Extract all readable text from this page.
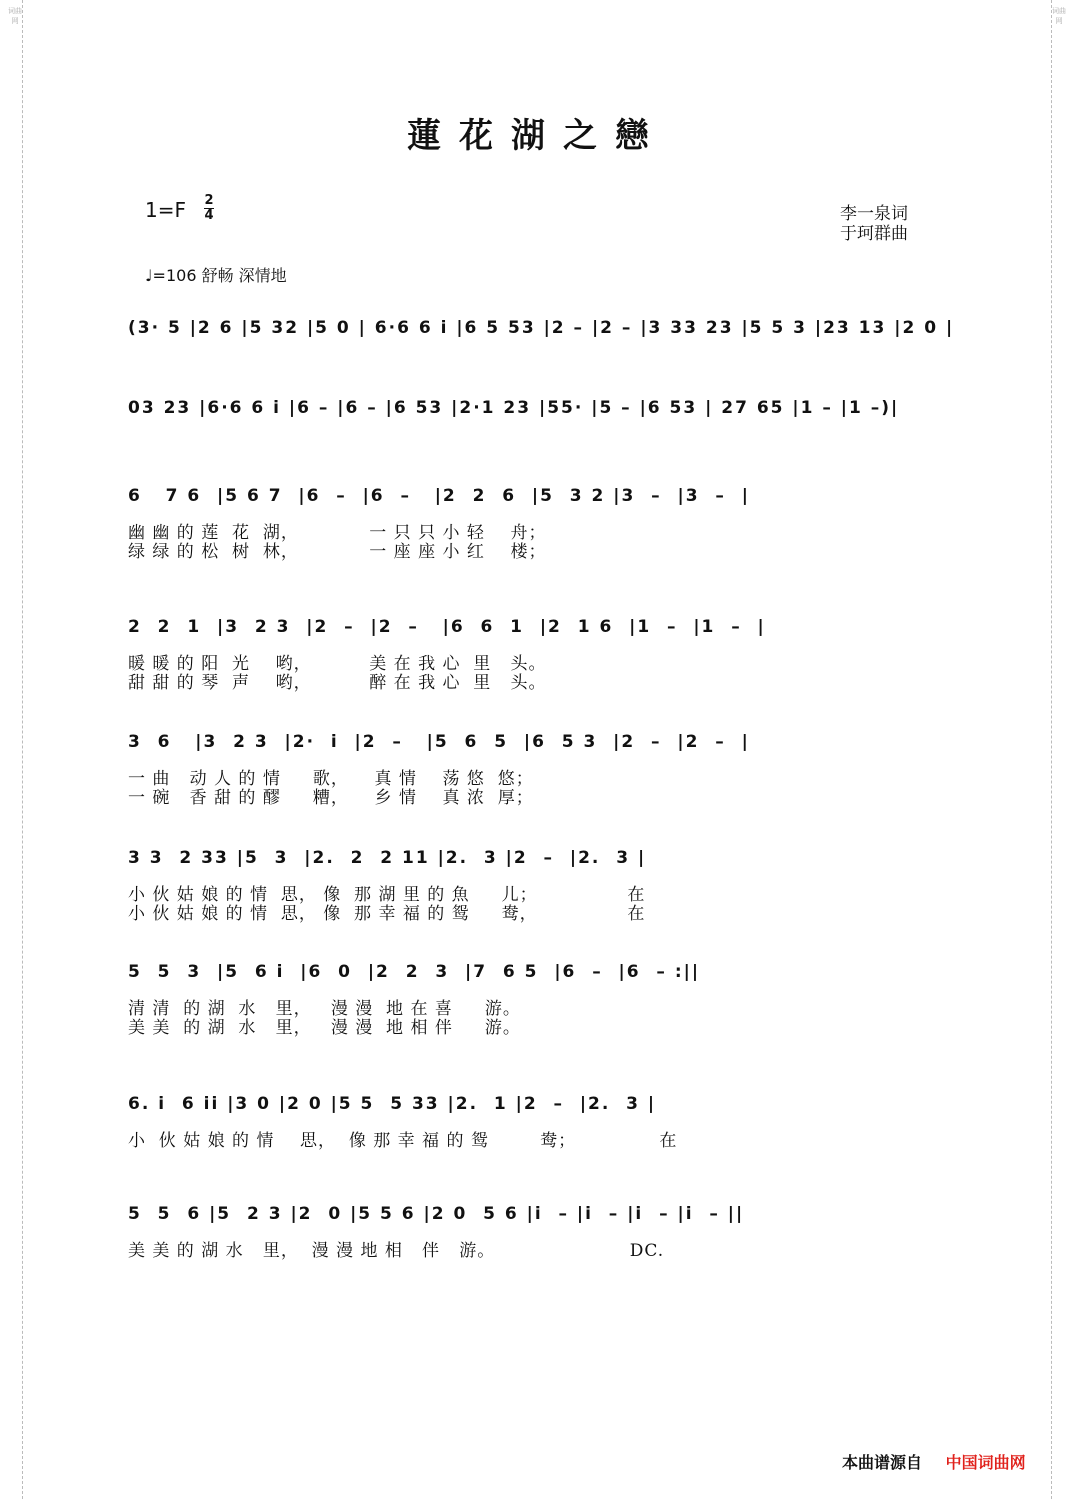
词曲网
词曲网
蓮花湖之戀
1=F 2
4	李一泉词
于珂群曲
♩=106 舒畅 深情地
(3· 5 |2 6 |5 32 |5 0 | 6·6 6 i |6 5 53 |2 – |2 – |3 33 23 |5 5 3 |23 13 |2 0 |
03 23 |6·6 6 i |6 – |6 – |6 53 |2·1 23 |55· |5 – |6 53 | 27 65 |1 – |1 –)|
6   7 6  |5 6 7  |6  –  |6  –   |2  2  6  |5  3 2 |3  –  |3  –  |
幽 幽 的 莲  花  湖，           一 只 只 小 轻    舟；
绿 绿 的 松  树  林，           一 座 座 小 红    楼；
2  2  1  |3  2 3  |2  –  |2  –   |6  6  1  |2  1 6  |1  –  |1  –  |
暖 暖 的 阳  光    哟，         美 在 我 心  里   头。
甜 甜 的 琴  声    哟，         醉 在 我 心  里   头。
3  6   |3  2 3  |2·  i  |2  –   |5  6  5  |6  5 3  |2  –  |2  –  |
一 曲   动 人 的 情     歌，    真 情    荡 悠  悠；
一 碗   香 甜 的 醪     糟，    乡 情    真 浓  厚；
3 3  2 33 |5  3  |2.  2  2 11 |2.  3 |2  –  |2.  3 |
小 伙 姑 娘 的 情  思， 像  那 湖 里 的 魚     儿；              在
小 伙 姑 娘 的 情  思， 像  那 幸 福 的 鸳     鸯，              在
5  5  3  |5  6 i  |6  0  |2  2  3  |7  6 5  |6  –  |6  – :||
清 清  的 湖  水   里，   漫 漫  地 在 喜     游。
美 美  的 湖  水   里，   漫 漫  地 相 伴     游。
6. i  6 ii |3 0 |2 0 |5 5  5 33 |2.  1 |2  –  |2.  3 |
小  伙 姑 娘 的 情    思，  像 那 幸 福 的 鸳        鸯；             在
5  5  6 |5  2 3 |2  0 |5 5 6 |2 0  5 6 |i  – |i  – |i  – |i  – ||
美 美 的 湖 水   里，  漫 漫 地 相   伴   游。                     DC.
本曲谱源自 中国词曲网
